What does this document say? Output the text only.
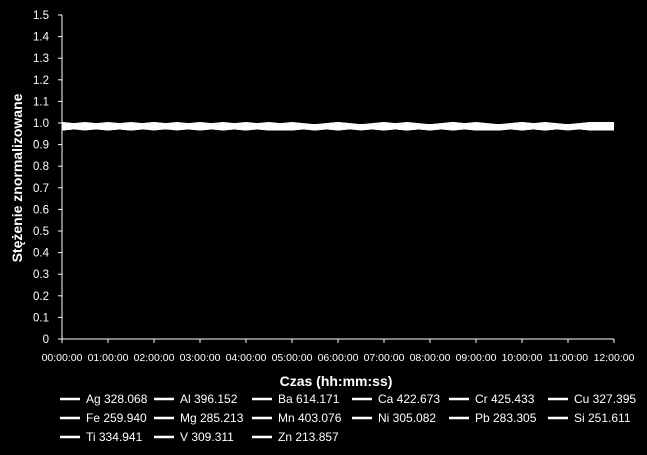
0
0.1
0.2
0.3
0.4
0.5
0.6
0.7
0.8
0.9
1.0
1.1
1.2
1.3
1.4
1.5
00:00:00 01:00:00 02:00:00 03:00:00 04:00:00 05:00:00 06:00:00 07:00:00 08:00:00 09:00:00 10:00:00 11:00:00 12:00:00
Czas (hh:mm:ss)
Stężenie znormalizowane
Ag 328.068	Al 396.152	Ba 614.171	Ca 422.673	Cr 425.433	Cu 327.395
Fe 259.940	Mg 285.213	Mn 403.076	Ni 305.082	Pb 283.305	Si 251.611
Ti 334.941	V 309.311	Zn 213.857
